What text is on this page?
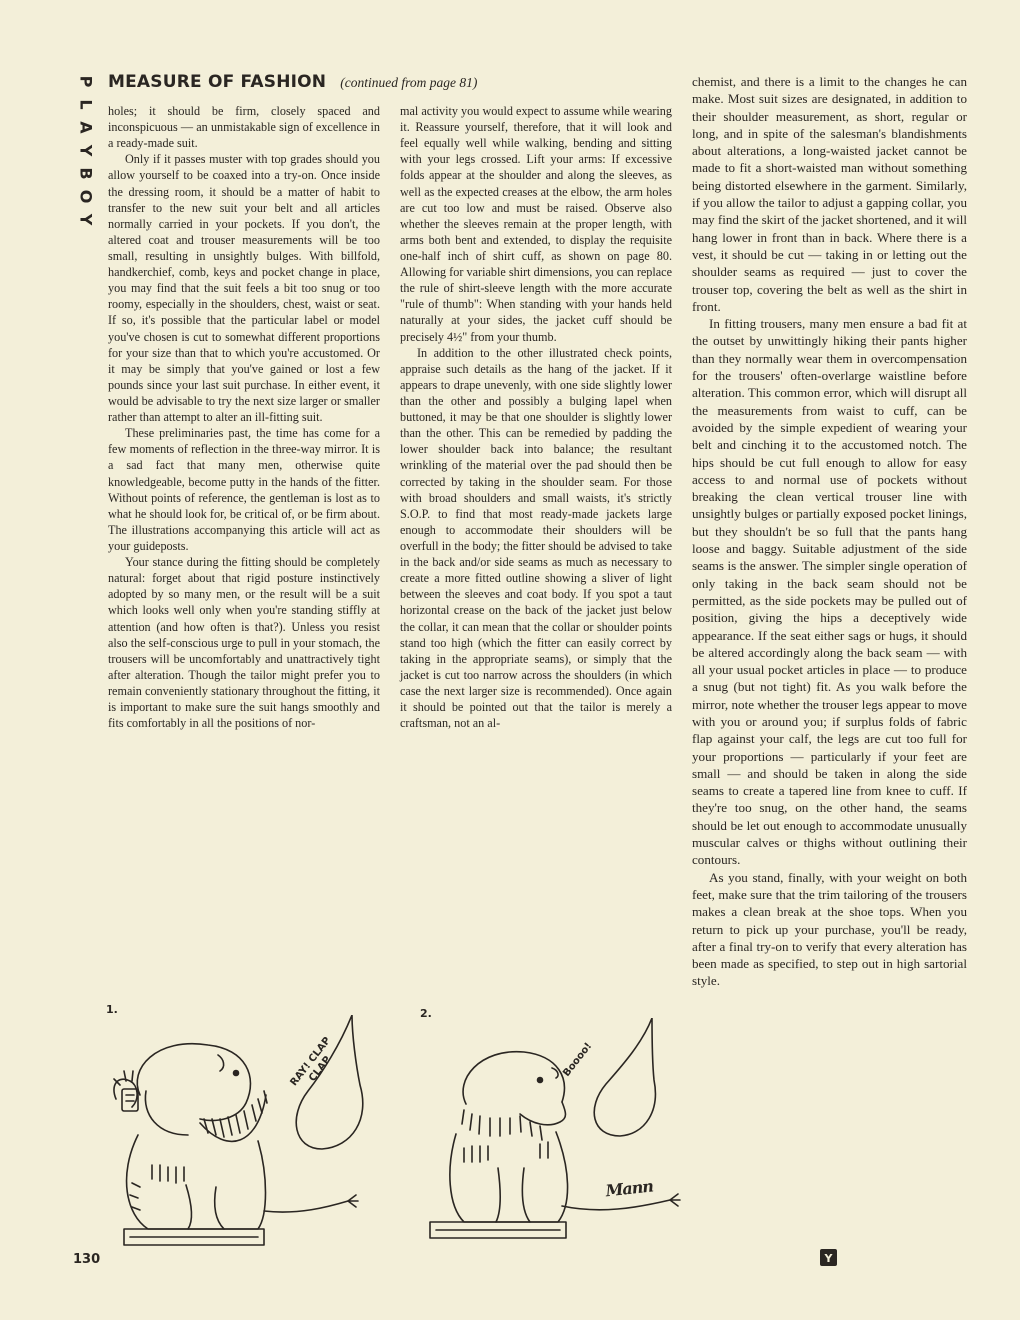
P
L
A
Y
B
O
Y
MEASURE OF FASHION (continued from page 81)

holes; it should be firm, closely spaced and inconspicuous — an unmistakable sign of excellence in a ready-made suit.

Only if it passes muster with top grades should you allow yourself to be coaxed into a try-on. Once inside the dressing room, it should be a matter of habit to transfer to the new suit your belt and all articles normally carried in your pockets. If you don't, the altered coat and trouser measurements will be too small, resulting in unsightly bulges. With billfold, handkerchief, comb, keys and pocket change in place, you may find that the suit feels a bit too snug or too roomy, especially in the shoulders, chest, waist or seat. If so, it's possible that the particular label or model you've chosen is cut to somewhat different proportions for your size than that to which you're accustomed. Or it may be simply that you've gained or lost a few pounds since your last suit purchase. In either event, it would be advisable to try the next size larger or smaller rather than attempt to alter an ill-fitting suit.

These preliminaries past, the time has come for a few moments of reflection in the three-way mirror. It is a sad fact that many men, otherwise quite knowledgeable, become putty in the hands of the fitter. Without points of reference, the gentleman is lost as to what he should look for, be critical of, or be firm about. The illustrations accompanying this article will act as your guideposts.

Your stance during the fitting should be completely natural: forget about that rigid posture instinctively adopted by so many men, or the result will be a suit which looks well only when you're standing stiffly at attention (and how often is that?). Unless you resist also the self-conscious urge to pull in your stomach, the trousers will be uncomfortably and unattractively tight after alteration. Though the tailor might prefer you to remain conveniently stationary throughout the fitting, it is important to make sure the suit hangs smoothly and fits comfortably in all the positions of nor-

mal activity you would expect to assume while wearing it. Reassure yourself, therefore, that it will look and feel equally well while walking, bending and sitting with your legs crossed. Lift your arms: If excessive folds appear at the shoulder and along the sleeves, as well as the expected creases at the elbow, the arm holes are cut too low and must be raised. Observe also whether the sleeves remain at the proper length, with arms both bent and extended, to display the requisite one-half inch of shirt cuff, as shown on page 80. Allowing for variable shirt dimensions, you can replace the rule of shirt-sleeve length with the more accurate "rule of thumb": When standing with your hands held naturally at your sides, the jacket cuff should be precisely 4½" from your thumb.

In addition to the other illustrated check points, appraise such details as the hang of the jacket. If it appears to drape unevenly, with one side slightly lower than the other and possibly a bulging lapel when buttoned, it may be that one shoulder is slightly lower than the other. This can be remedied by padding the lower shoulder back into balance; the resultant wrinkling of the material over the pad should then be corrected by taking in the shoulder seam. For those with broad shoulders and small waists, it's strictly S.O.P. to find that most ready-made jackets large enough to accommodate their shoulders will be overfull in the body; the fitter should be advised to take in the back and/or side seams as much as necessary to create a more fitted outline showing a sliver of light between the sleeves and coat body. If you spot a taut horizontal crease on the back of the jacket just below the collar, it can mean that the collar or shoulder points stand too high (which the fitter can easily correct by taking in the appropriate seams), or simply that the jacket is cut too narrow across the shoulders (in which case the next larger size is recommended). Once again it should be pointed out that the tailor is merely a craftsman, not an al-

chemist, and there is a limit to the changes he can make. Most suit sizes are designated, in addition to their shoulder measurement, as short, regular or long, and in spite of the salesman's blandishments about alterations, a long-waisted jacket cannot be made to fit a short-waisted man without something being distorted elsewhere in the garment. Similarly, if you allow the tailor to adjust a gapping collar, you may find the skirt of the jacket shortened, and it will hang lower in front than in back. Where there is a vest, it should be cut — taking in or letting out the shoulder seams as required — just to cover the trouser top, covering the belt as well as the shirt in front.

In fitting trousers, many men ensure a bad fit at the outset by unwittingly hiking their pants higher than they normally wear them in overcompensation for the trousers' often-overlarge waistline before alteration. This common error, which will disrupt all the measurements from waist to cuff, can be avoided by the simple expedient of wearing your belt and cinching it to the accustomed notch. The hips should be cut full enough to allow for easy access to and normal use of pockets without breaking the clean vertical trouser line with unsightly bulges or partially exposed pocket linings, but they shouldn't be so full that the pants hang loose and baggy. Suitable adjustment of the side seams is the answer. The simpler single operation of only taking in the back seam should not be permitted, as the side pockets may be pulled out of position, giving the hips a deceptively wide appearance. If the seat either sags or hugs, it should be altered accordingly along the back seam — with all your usual pocket articles in place — to produce a snug (but not tight) fit. As you walk before the mirror, note whether the trouser legs appear to move with you or around you; if surplus folds of fabric flap against your calf, the legs are cut too full for your proportions — particularly if your feet are small — and should be taken in along the side seams to create a tapered line from knee to cuff. If they're too snug, on the other hand, the seams should be let out enough to accommodate unusually muscular calves or thighs without outlining their contours.

As you stand, finally, with your weight on both feet, make sure that the trim tailoring of the trousers makes a clean break at the shoe tops. When you return to pick up your purchase, you'll be ready, after a final try-on to verify that every alteration has been made as specified, to step out in high sartorial style.

1.
RAY! CLAP CLAP
2.
Boooo!
Mann
130	Y
